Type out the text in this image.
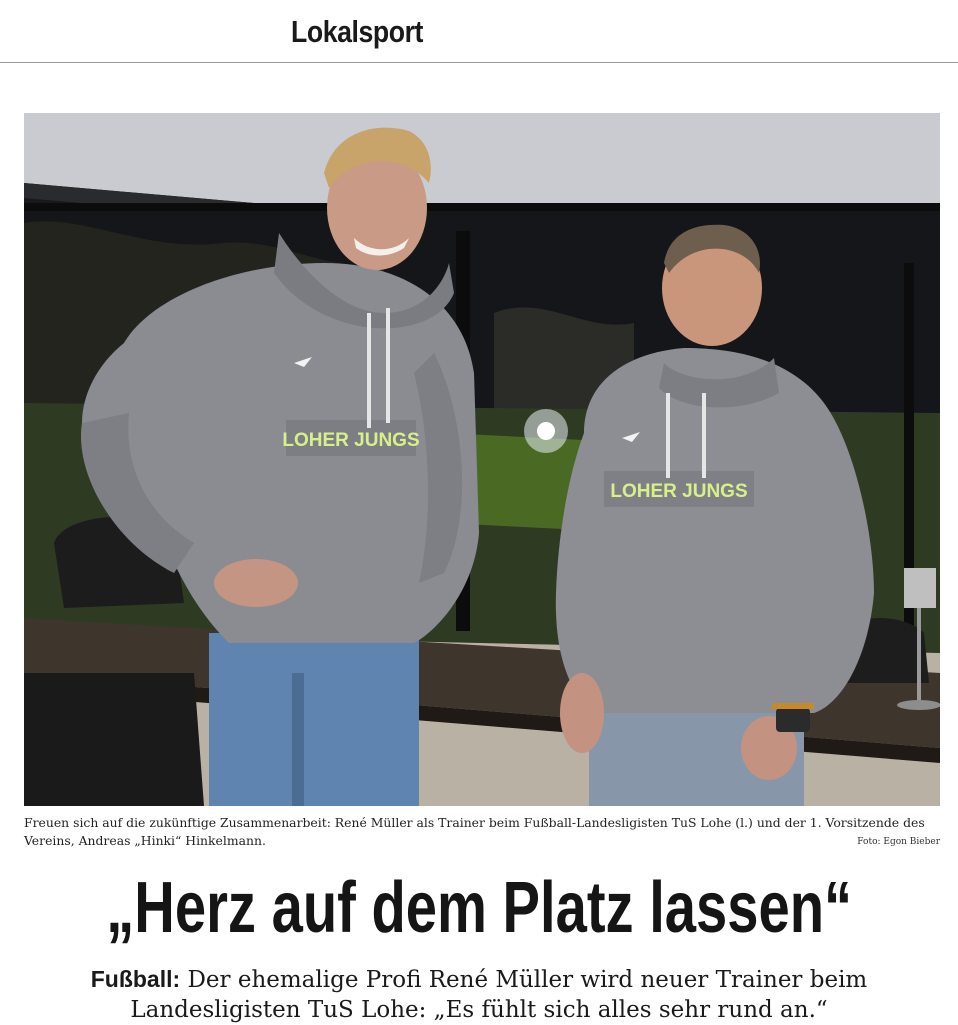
Lokalsport
LOHER JUNGS
LOHER JUNGS
Freuen sich auf die zukünftige Zusammenarbeit: René Müller als Trainer beim Fußball-Landesligisten TuS Lohe (l.) und der 1. Vorsitzende des Vereins, Andreas „Hinki“ Hinkelmann.	Foto: Egon Bieber
„Herz auf dem Platz lassen“
Fußball: Der ehemalige Profi René Müller wird neuer Trainer beim Landesligisten TuS Lohe: „Es fühlt sich alles sehr rund an.“
